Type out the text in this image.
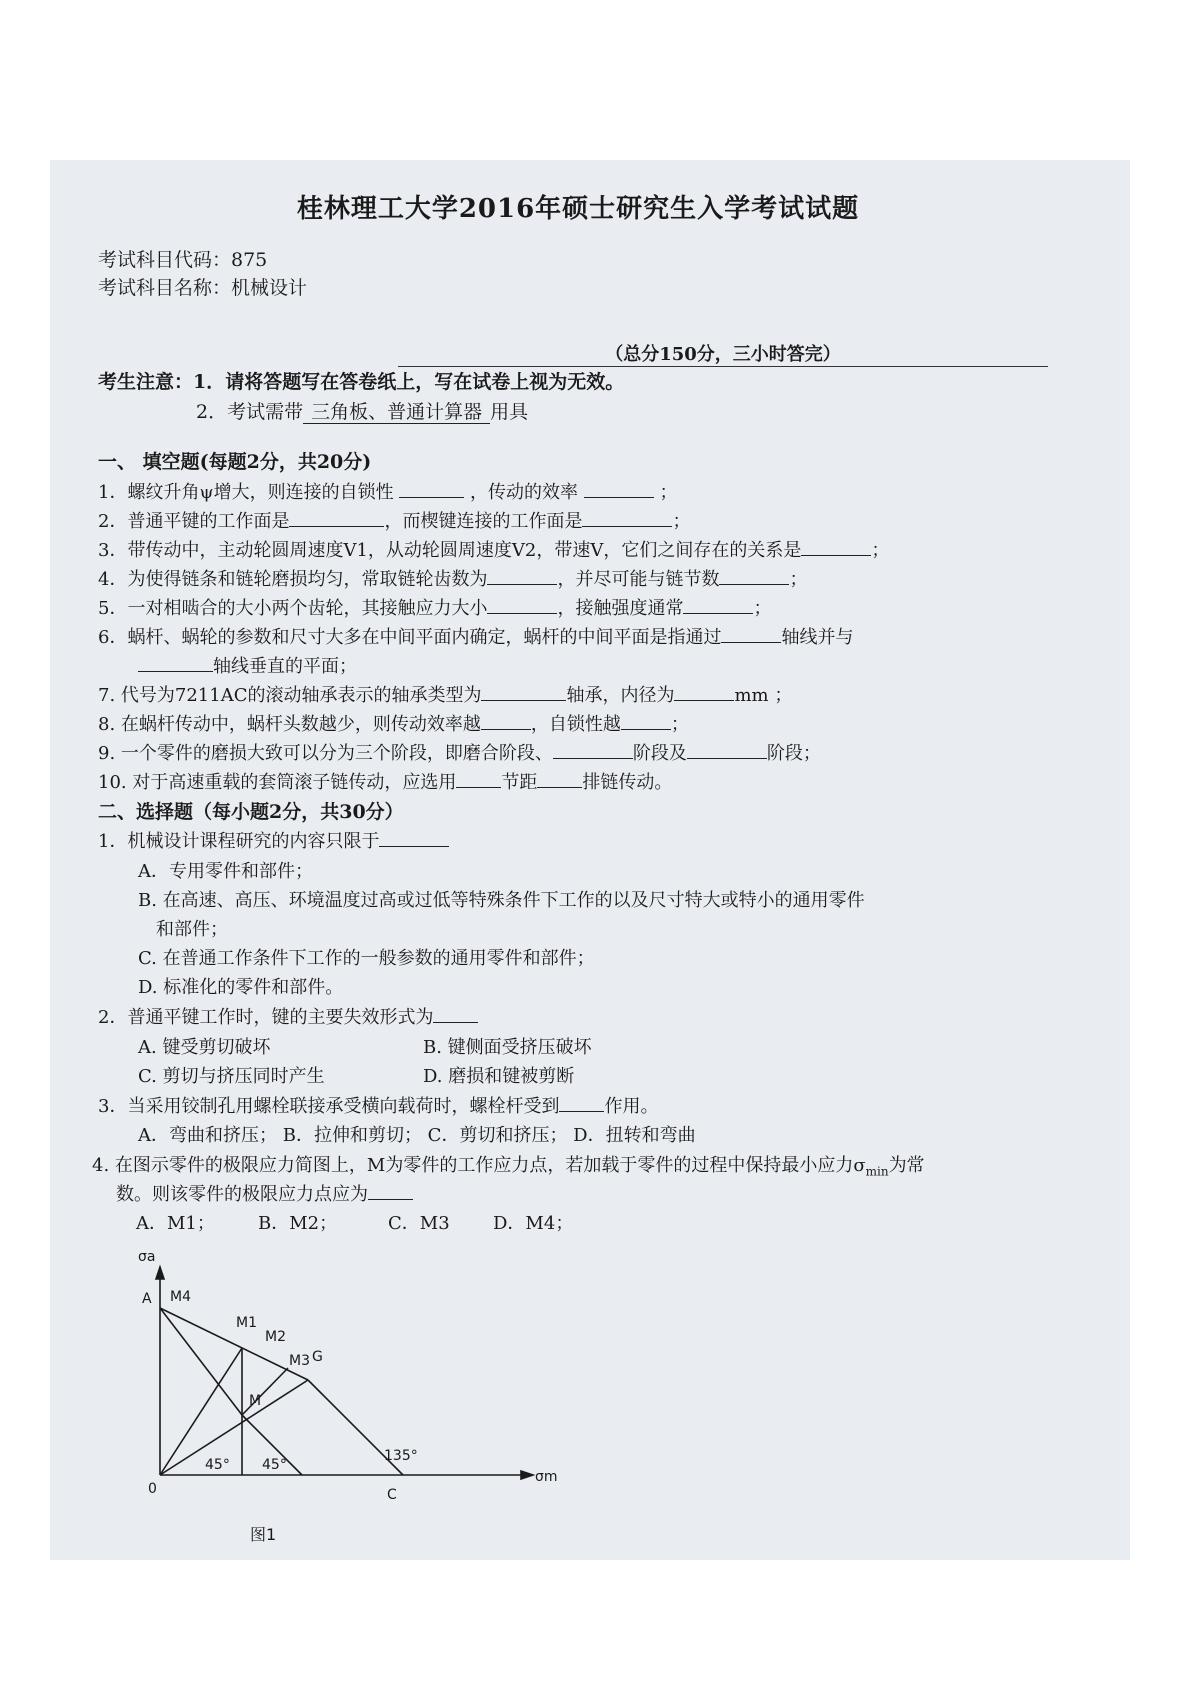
桂林理工大学2016年硕士研究生入学考试试题
考试科目代码：875
考试科目名称：机械设计
（总分150分，三小时答完）
考生注意：1．请将答题写在答卷纸上，写在试卷上视为无效。
2．考试需带 三角板、普通计算器 用具
一、 填空题(每题2分，共20分)
1．螺纹升角ψ增大，则连接的自锁性	，传动的效率	；
2．普通平键的工作面是	，而楔键连接的工作面是	；
3．带传动中，主动轮圆周速度V1，从动轮圆周速度V2，带速V，它们之间存在的关系是	；
4．为使得链条和链轮磨损均匀，常取链轮齿数为	，并尽可能与链节数	；
5．一对相啮合的大小两个齿轮，其接触应力大小	，接触强度通常	；
6．蜗杆、蜗轮的参数和尺寸大多在中间平面内确定，蜗杆的中间平面是指通过	轴线并与
轴线垂直的平面；
7. 代号为7211AC的滚动轴承表示的轴承类型为	轴承，内径为	mm ；
8. 在蜗杆传动中，蜗杆头数越少，则传动效率越	，自锁性越	；
9. 一个零件的磨损大致可以分为三个阶段，即磨合阶段、	阶段及	阶段；
10. 对于高速重载的套筒滚子链传动，应选用	节距	排链传动。
二、选择题（每小题2分，共30分）
1．机械设计课程研究的内容只限于
A．专用零件和部件；
B. 在高速、高压、环境温度过高或过低等特殊条件下工作的以及尺寸特大或特小的通用零件
和部件；
C. 在普通工作条件下工作的一般参数的通用零件和部件；
D. 标准化的零件和部件。
2．普通平键工作时，键的主要失效形式为
A. 键受剪切破坏	B. 键侧面受挤压破坏
C. 剪切与挤压同时产生	D. 磨损和键被剪断
3．当采用铰制孔用螺栓联接承受横向载荷时，螺栓杆受到	作用。
A．弯曲和挤压； B．拉伸和剪切； C．剪切和挤压； D．扭转和弯曲
4. 在图示零件的极限应力简图上，M为零件的工作应力点，若加载于零件的过程中保持最小应力$\sigma_{min}$为常
数。则该零件的极限应力点应为
A．M1； B．M2；	C．M3 D．M4；
σa
σm
0
A M4
M1
M2
M3 G
M
C
45° 45°
135°
图1
